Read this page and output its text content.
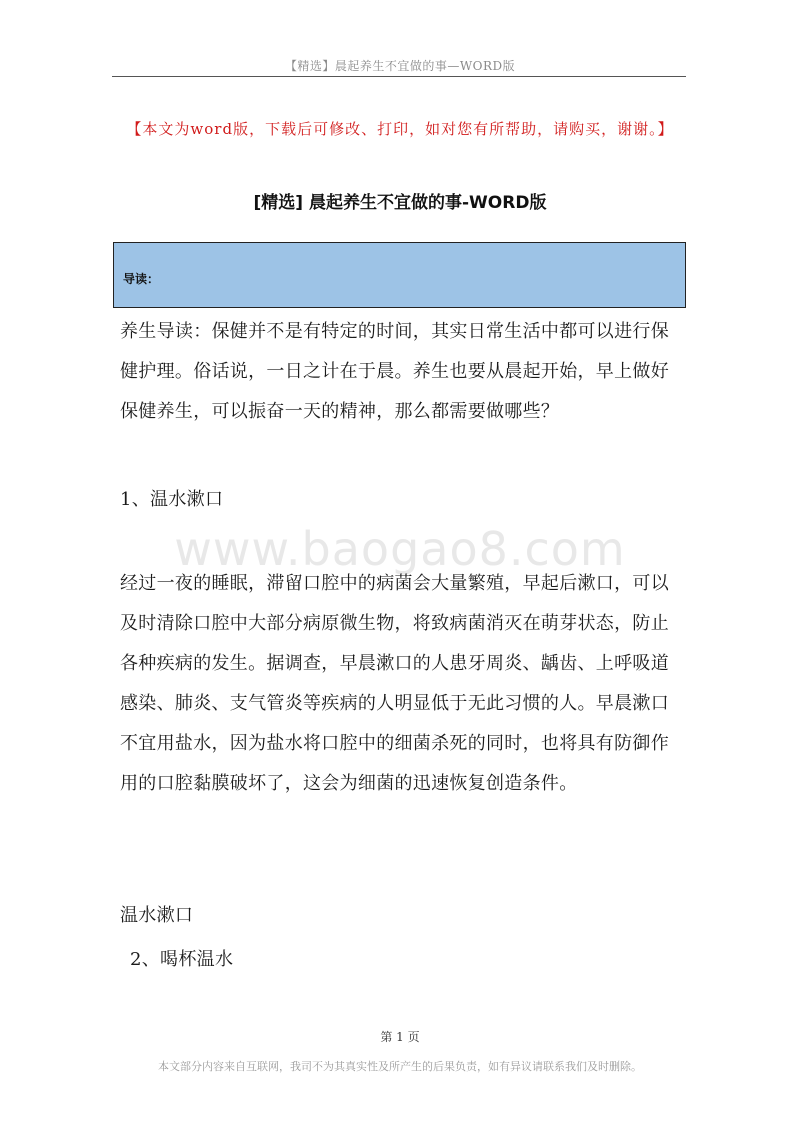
【精选】晨起养生不宜做的事—WORD版
【本文为word版，下载后可修改、打印，如对您有所帮助，请购买，谢谢。】
[精选] 晨起养生不宜做的事-WORD版
导读：
养生导读：保健并不是有特定的时间，其实日常生活中都可以进行保健护理。俗话说，一日之计在于晨。养生也要从晨起开始，早上做好保健养生，可以振奋一天的精神，那么都需要做哪些？
www.baogao8.com
1、温水漱口
经过一夜的睡眠，滞留口腔中的病菌会大量繁殖，早起后漱口，可以及时清除口腔中大部分病原微生物，将致病菌消灭在萌芽状态，防止各种疾病的发生。据调查，早晨漱口的人患牙周炎、龋齿、上呼吸道感染、肺炎、支气管炎等疾病的人明显低于无此习惯的人。早晨漱口不宜用盐水，因为盐水将口腔中的细菌杀死的同时，也将具有防御作用的口腔黏膜破坏了，这会为细菌的迅速恢复创造条件。
温水漱口
2、喝杯温水
第 1 页
本文部分内容来自互联网，我司不为其真实性及所产生的后果负责，如有异议请联系我们及时删除。
